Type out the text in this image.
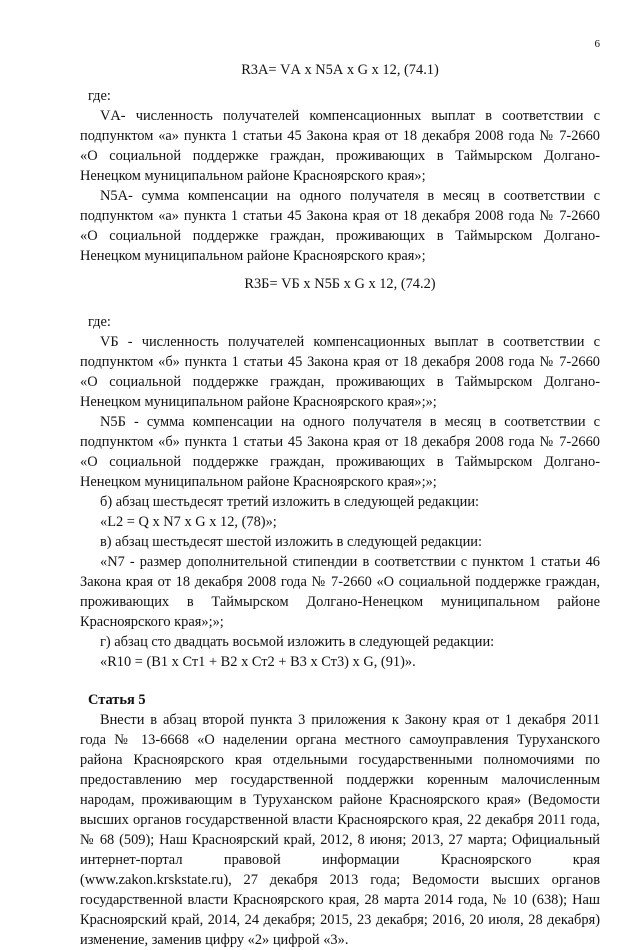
6
R3А= VА x N5А x G x 12, (74.1)
где:

VА- численность получателей компенсационных выплат в соответствии с подпунктом «а» пункта 1 статьи 45 Закона края от 18 декабря 2008 года № 7-2660 «О социальной поддержке граждан, проживающих в Таймырском Долгано-Ненецком муниципальном районе Красноярского края»;

N5А- сумма компенсации на одного получателя в месяц в соответствии с подпунктом «а» пункта 1 статьи 45 Закона края от 18 декабря 2008 года № 7-2660 «О социальной поддержке граждан, проживающих в Таймырском Долгано-Ненецком муниципальном районе Красноярского края»;

R3Б= VБ x N5Б x G x 12, (74.2)
где:

VБ - численность получателей компенсационных выплат в соответствии с подпунктом «б» пункта 1 статьи 45 Закона края от 18 декабря 2008 года № 7-2660 «О социальной поддержке граждан, проживающих в Таймырском Долгано-Ненецком муниципальном районе Красноярского края»;»;

N5Б - сумма компенсации на одного получателя в месяц в соответствии с подпунктом «б» пункта 1 статьи 45 Закона края от 18 декабря 2008 года № 7-2660 «О социальной поддержке граждан, проживающих в Таймырском Долгано-Ненецком муниципальном районе Красноярского края»;»;

б) абзац шестьдесят третий изложить в следующей редакции:

«L2 = Q x N7 x G x 12, (78)»;

в) абзац шестьдесят шестой изложить в следующей редакции:

«N7 - размер дополнительной стипендии в соответствии с пунктом 1 статьи 46 Закона края от 18 декабря 2008 года № 7-2660 «О социальной поддержке граждан, проживающих в Таймырском Долгано-Ненецком муниципальном районе Красноярского края»;»;

г) абзац сто двадцать восьмой изложить в следующей редакции:

«R10 = (B1 x Ст1 + B2 x Ст2 + B3 x Ст3) x G, (91)».

Статья 5

Внести в абзац второй пункта 3 приложения к Закону края от 1 декабря 2011 года № 13-6668 «О наделении органа местного самоуправления Туруханского района Красноярского края отдельными государственными полномочиями по предоставлению мер государственной поддержки коренным малочисленным народам, проживающим в Туруханском районе Красноярского края» (Ведомости высших органов государственной власти Красноярского края, 22 декабря 2011 года, № 68 (509); Наш Красноярский край, 2012, 8 июня; 2013, 27 марта; Официальный интернет-портал правовой информации Красноярского края (www.zakon.krskstate.ru), 27 декабря 2013 года; Ведомости высших органов государственной власти Красноярского края, 28 марта 2014 года, № 10 (638); Наш Красноярский край, 2014, 24 декабря; 2015, 23 декабря; 2016, 20 июля, 28 декабря) изменение, заменив цифру «2» цифрой «3».
